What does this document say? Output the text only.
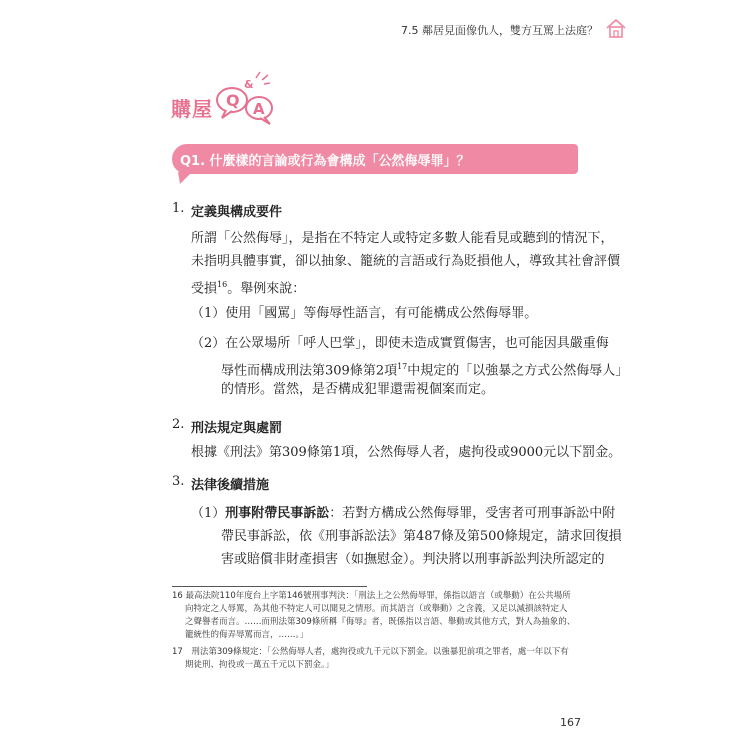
7.5 鄰居見面像仇人，雙方互罵上法庭？
購屋 Q
&
A
Q1. 什麼樣的言論或行為會構成「公然侮辱罪」？
1. 定義與構成要件
所謂「公然侮辱」，是指在不特定人或特定多數人能看見或聽到的情況下，
未指明具體事實，卻以抽象、籠統的言語或行為貶損他人，導致其社會評價
受損$^{16}$。舉例來說：
（1）使用「國罵」等侮辱性語言，有可能構成公然侮辱罪。
（2）在公眾場所「呼人巴掌」，即使未造成實質傷害，也可能因具嚴重侮
辱性而構成刑法第309條第2項$^{17}$中規定的「以強暴之方式公然侮辱人」
的情形。當然，是否構成犯罪還需視個案而定。
2. 刑法規定與處罰
根據《刑法》第309條第1項，公然侮辱人者，處拘役或9000元以下罰金。
3. 法律後續措施
（1）刑事附帶民事訴訟：若對方構成公然侮辱罪，受害者可刑事訴訟中附
帶民事訴訟，依《刑事訴訟法》第487條及第500條規定，請求回復損
害或賠償非財產損害（如撫慰金）。判決將以刑事訴訟判決所認定的
16 最高法院110年度台上字第146號刑事判決：「刑法上之公然侮辱罪，係指以語言（或舉動）在公共場所
向特定之人辱罵，為其他不特定人可以聞見之情形。而其語言（或舉動）之含義，又足以減損該特定人
之聲譽者而言。……而刑法第309條所稱『侮辱』者，既係指以言語、舉動或其他方式，對人為抽象的、
籠統性的侮弄辱罵而言，……。」
17　刑法第309條規定：「公然侮辱人者，處拘役或九千元以下罰金。以強暴犯前項之罪者，處一年以下有
期徒刑、拘役或一萬五千元以下罰金。」
167
